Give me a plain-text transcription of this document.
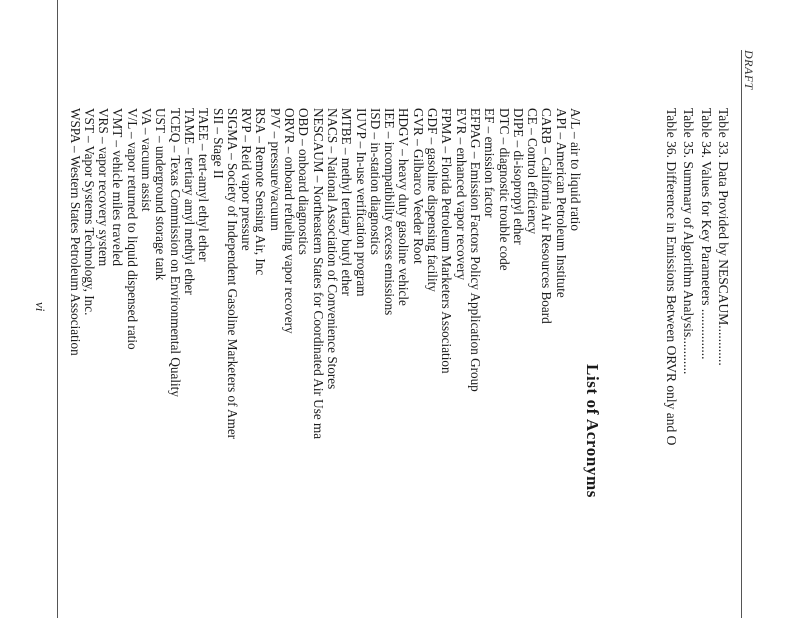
DRAFT
Table 33. Data Provided by NESCAUM............
Table 34. Values for Key Parameters ...............
Table 35. Summary of Algorithm Analysis...........
Table 36. Difference in Emissions Between ORVR only and O
List of Acronyms
A/L – air to liquid ratio
API – American Petroleum Institute
CARB – California Air Resources Board
CE – Control efficiency
DIPE – di-isopropyl ether
DTC – diagnostic trouble code
EF – emission factor
EFPAG – Emission Factors Policy Application Group
EVR – enhanced vapor recovery
FPMA – Florida Petroleum Marketers Association
GDF – gasoline dispensing facility
GVR – Gilbarco Veeder Root
HDGV – heavy duty gasoline vehicle
IEE – incompatibility excess emissions
ISD – in-station diagnostics
IUVP – In-use verification program
MTBE – methyl tertiary butyl ether
NACS – National Association of Convenience Stores
NESCAUM – Northeastern States for Coordinated Air Use ma
OBD – onboard diagnostics
ORVR – onboard refueling vapor recovery
P/V – pressure/vacuum
RSA – Remote Sensing Air, Inc
RVP – Reid vapor pressure
SIGMA – Society of Independent Gasoline Marketers of Amer
SII – Stage II
TAEE – tert-amyl ethyl ether
TAME – tertiary amyl methyl ether
TCEQ – Texas Commission on Environmental Quality
UST – underground storage tank
VA – vacuum assist
V/L – vapor returned to liquid dispensed ratio
VMT – vehicle miles traveled
VRS – vapor recovery system
VST – Vapor Systems Technology, Inc.
WSPA – Western States Petroleum Association
vi
